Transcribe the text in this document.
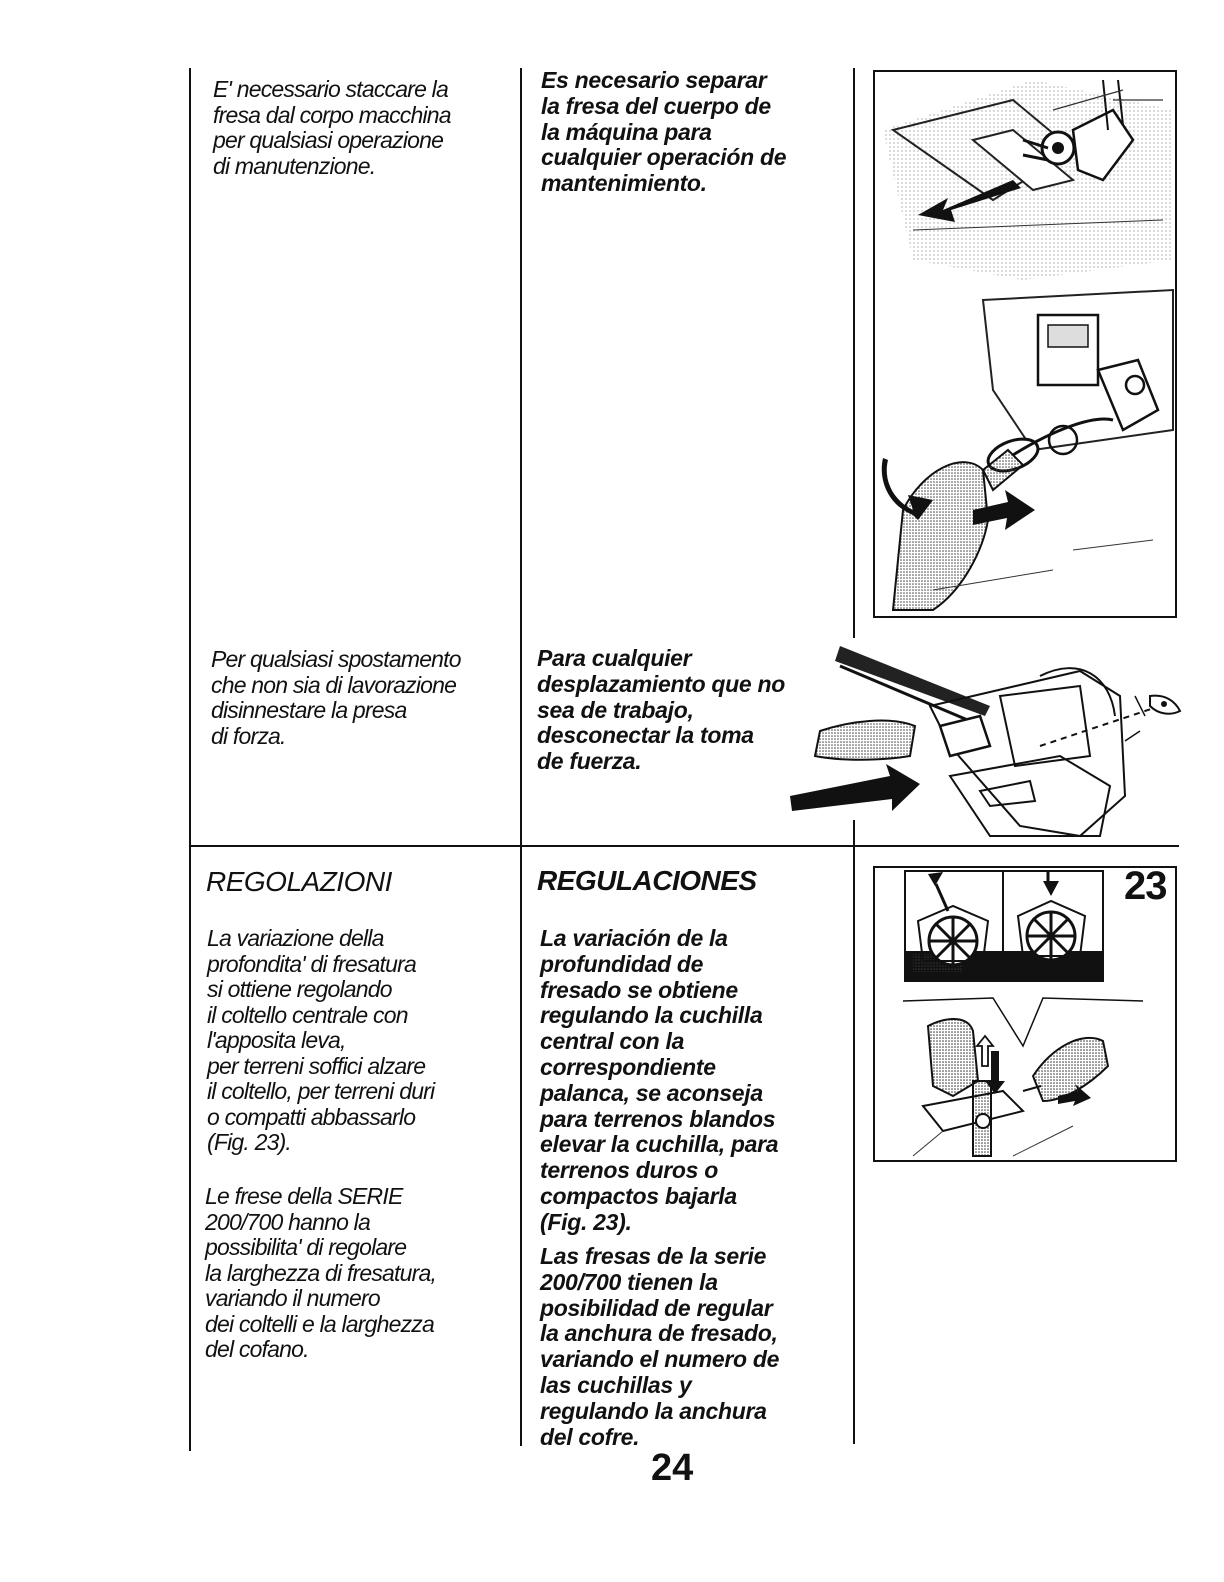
E' necessario staccare la
fresa dal corpo macchina
per qualsiasi operazione
di manutenzione.
Es necesario separar
la fresa del cuerpo de
la máquina para
cualquier operación de
mantenimiento.
Per qualsiasi spostamento
che non sia di lavorazione
disinnestare la presa
di forza.
Para cualquier
desplazamiento que no
sea de trabajo,
desconectar la toma
de fuerza.
REGOLAZIONI	REGULACIONES
La variazione della
profondita' di fresatura
si ottiene regolando
il coltello centrale con
l'apposita leva,
per terreni soffici alzare
il coltello, per terreni duri
o compatti abbassarlo
(Fig. 23).
Le frese della SERIE
200/700 hanno la
possibilita' di regolare
la larghezza di fresatura,
variando il numero
dei coltelli e la larghezza
del cofano.
La variación de la
profundidad de
fresado se obtiene
regulando la cuchilla
central con la
correspondiente
palanca, se aconseja
para terrenos blandos
elevar la cuchilla, para
terrenos duros o
compactos bajarla
(Fig. 23).
Las fresas de la serie
200/700 tienen la
posibilidad de regular
la anchura de fresado,
variando el numero de
las cuchillas y
regulando la anchura
del cofre.
23
24
